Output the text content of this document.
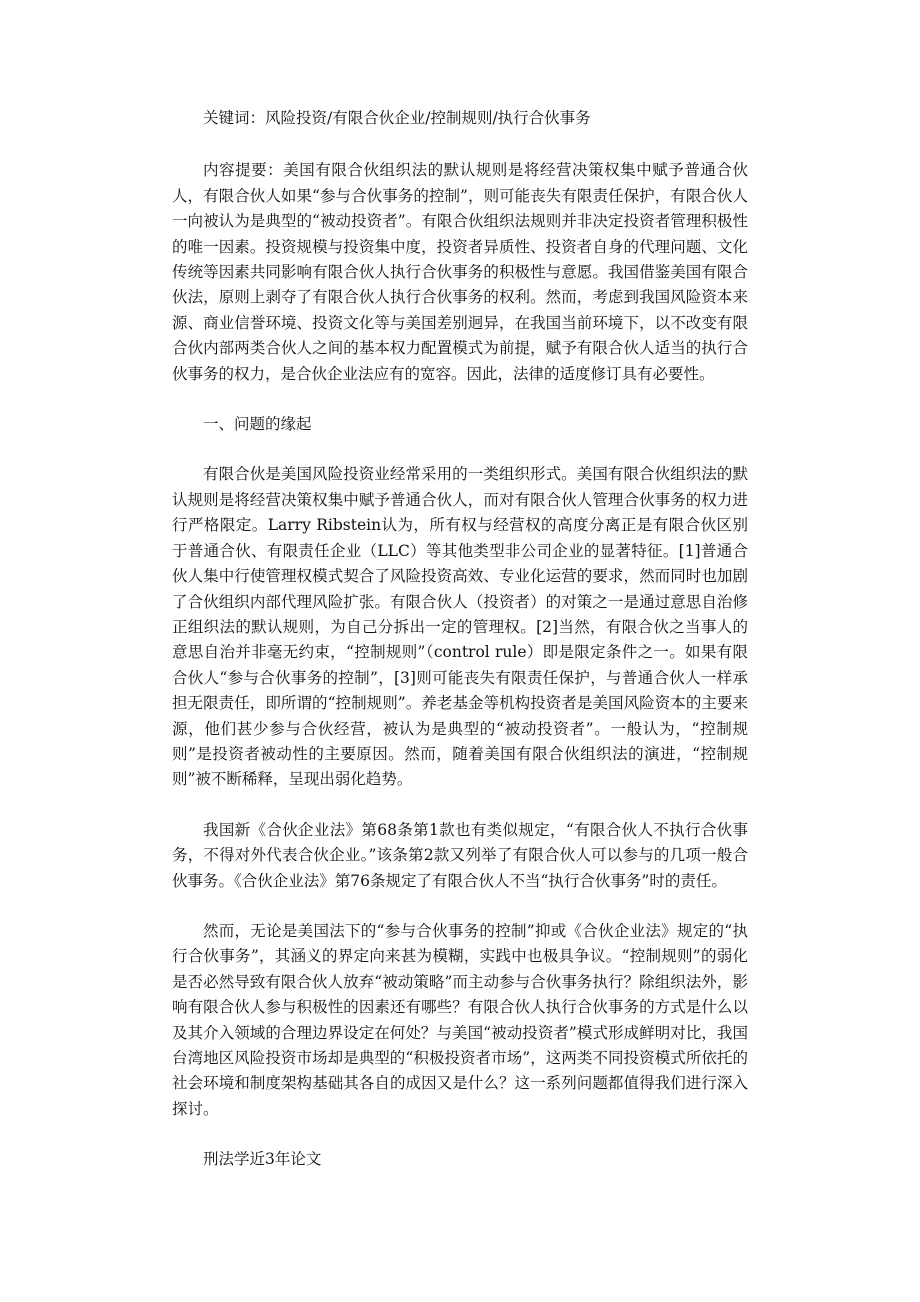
关键词：风险投资/有限合伙企业/控制规则/执行合伙事务

内容提要：美国有限合伙组织法的默认规则是将经营决策权集中赋予普通合伙人，有限合伙人如果“参与合伙事务的控制”，则可能丧失有限责任保护，有限合伙人一向被认为是典型的“被动投资者”。有限合伙组织法规则并非决定投资者管理积极性的唯一因素。投资规模与投资集中度，投资者异质性、投资者自身的代理问题、文化传统等因素共同影响有限合伙人执行合伙事务的积极性与意愿。我国借鉴美国有限合伙法，原则上剥夺了有限合伙人执行合伙事务的权利。然而，考虑到我国风险资本来源、商业信誉环境、投资文化等与美国差别迥异，在我国当前环境下，以不改变有限合伙内部两类合伙人之间的基本权力配置模式为前提，赋予有限合伙人适当的执行合伙事务的权力，是合伙企业法应有的宽容。因此，法律的适度修订具有必要性。

一、问题的缘起

有限合伙是美国风险投资业经常采用的一类组织形式。美国有限合伙组织法的默认规则是将经营决策权集中赋予普通合伙人，而对有限合伙人管理合伙事务的权力进行严格限定。Larry Ribstein认为，所有权与经营权的高度分离正是有限合伙区别于普通合伙、有限责任企业（LLC）等其他类型非公司企业的显著特征。[1]普通合伙人集中行使管理权模式契合了风险投资高效、专业化运营的要求，然而同时也加剧了合伙组织内部代理风险扩张。有限合伙人（投资者）的对策之一是通过意思自治修正组织法的默认规则，为自己分拆出一定的管理权。[2]当然，有限合伙之当事人的意思自治并非毫无约束，“控制规则”（control rule）即是限定条件之一。如果有限合伙人“参与合伙事务的控制”，[3]则可能丧失有限责任保护，与普通合伙人一样承担无限责任，即所谓的“控制规则”。养老基金等机构投资者是美国风险资本的主要来源，他们甚少参与合伙经营，被认为是典型的“被动投资者”。一般认为，“控制规则”是投资者被动性的主要原因。然而，随着美国有限合伙组织法的演进，“控制规则”被不断稀释，呈现出弱化趋势。

我国新《合伙企业法》第68条第1款也有类似规定，“有限合伙人不执行合伙事务，不得对外代表合伙企业。”该条第2款又列举了有限合伙人可以参与的几项一般合伙事务。《合伙企业法》第76条规定了有限合伙人不当“执行合伙事务”时的责任。

然而，无论是美国法下的“参与合伙事务的控制”抑或《合伙企业法》规定的“执行合伙事务”，其涵义的界定向来甚为模糊，实践中也极具争议。“控制规则”的弱化是否必然导致有限合伙人放弃“被动策略”而主动参与合伙事务执行？除组织法外，影响有限合伙人参与积极性的因素还有哪些？有限合伙人执行合伙事务的方式是什么以及其介入领域的合理边界设定在何处？与美国“被动投资者”模式形成鲜明对比，我国台湾地区风险投资市场却是典型的“积极投资者市场”，这两类不同投资模式所依托的社会环境和制度架构基础其各自的成因又是什么？这一系列问题都值得我们进行深入探讨。

刑法学近3年论文
